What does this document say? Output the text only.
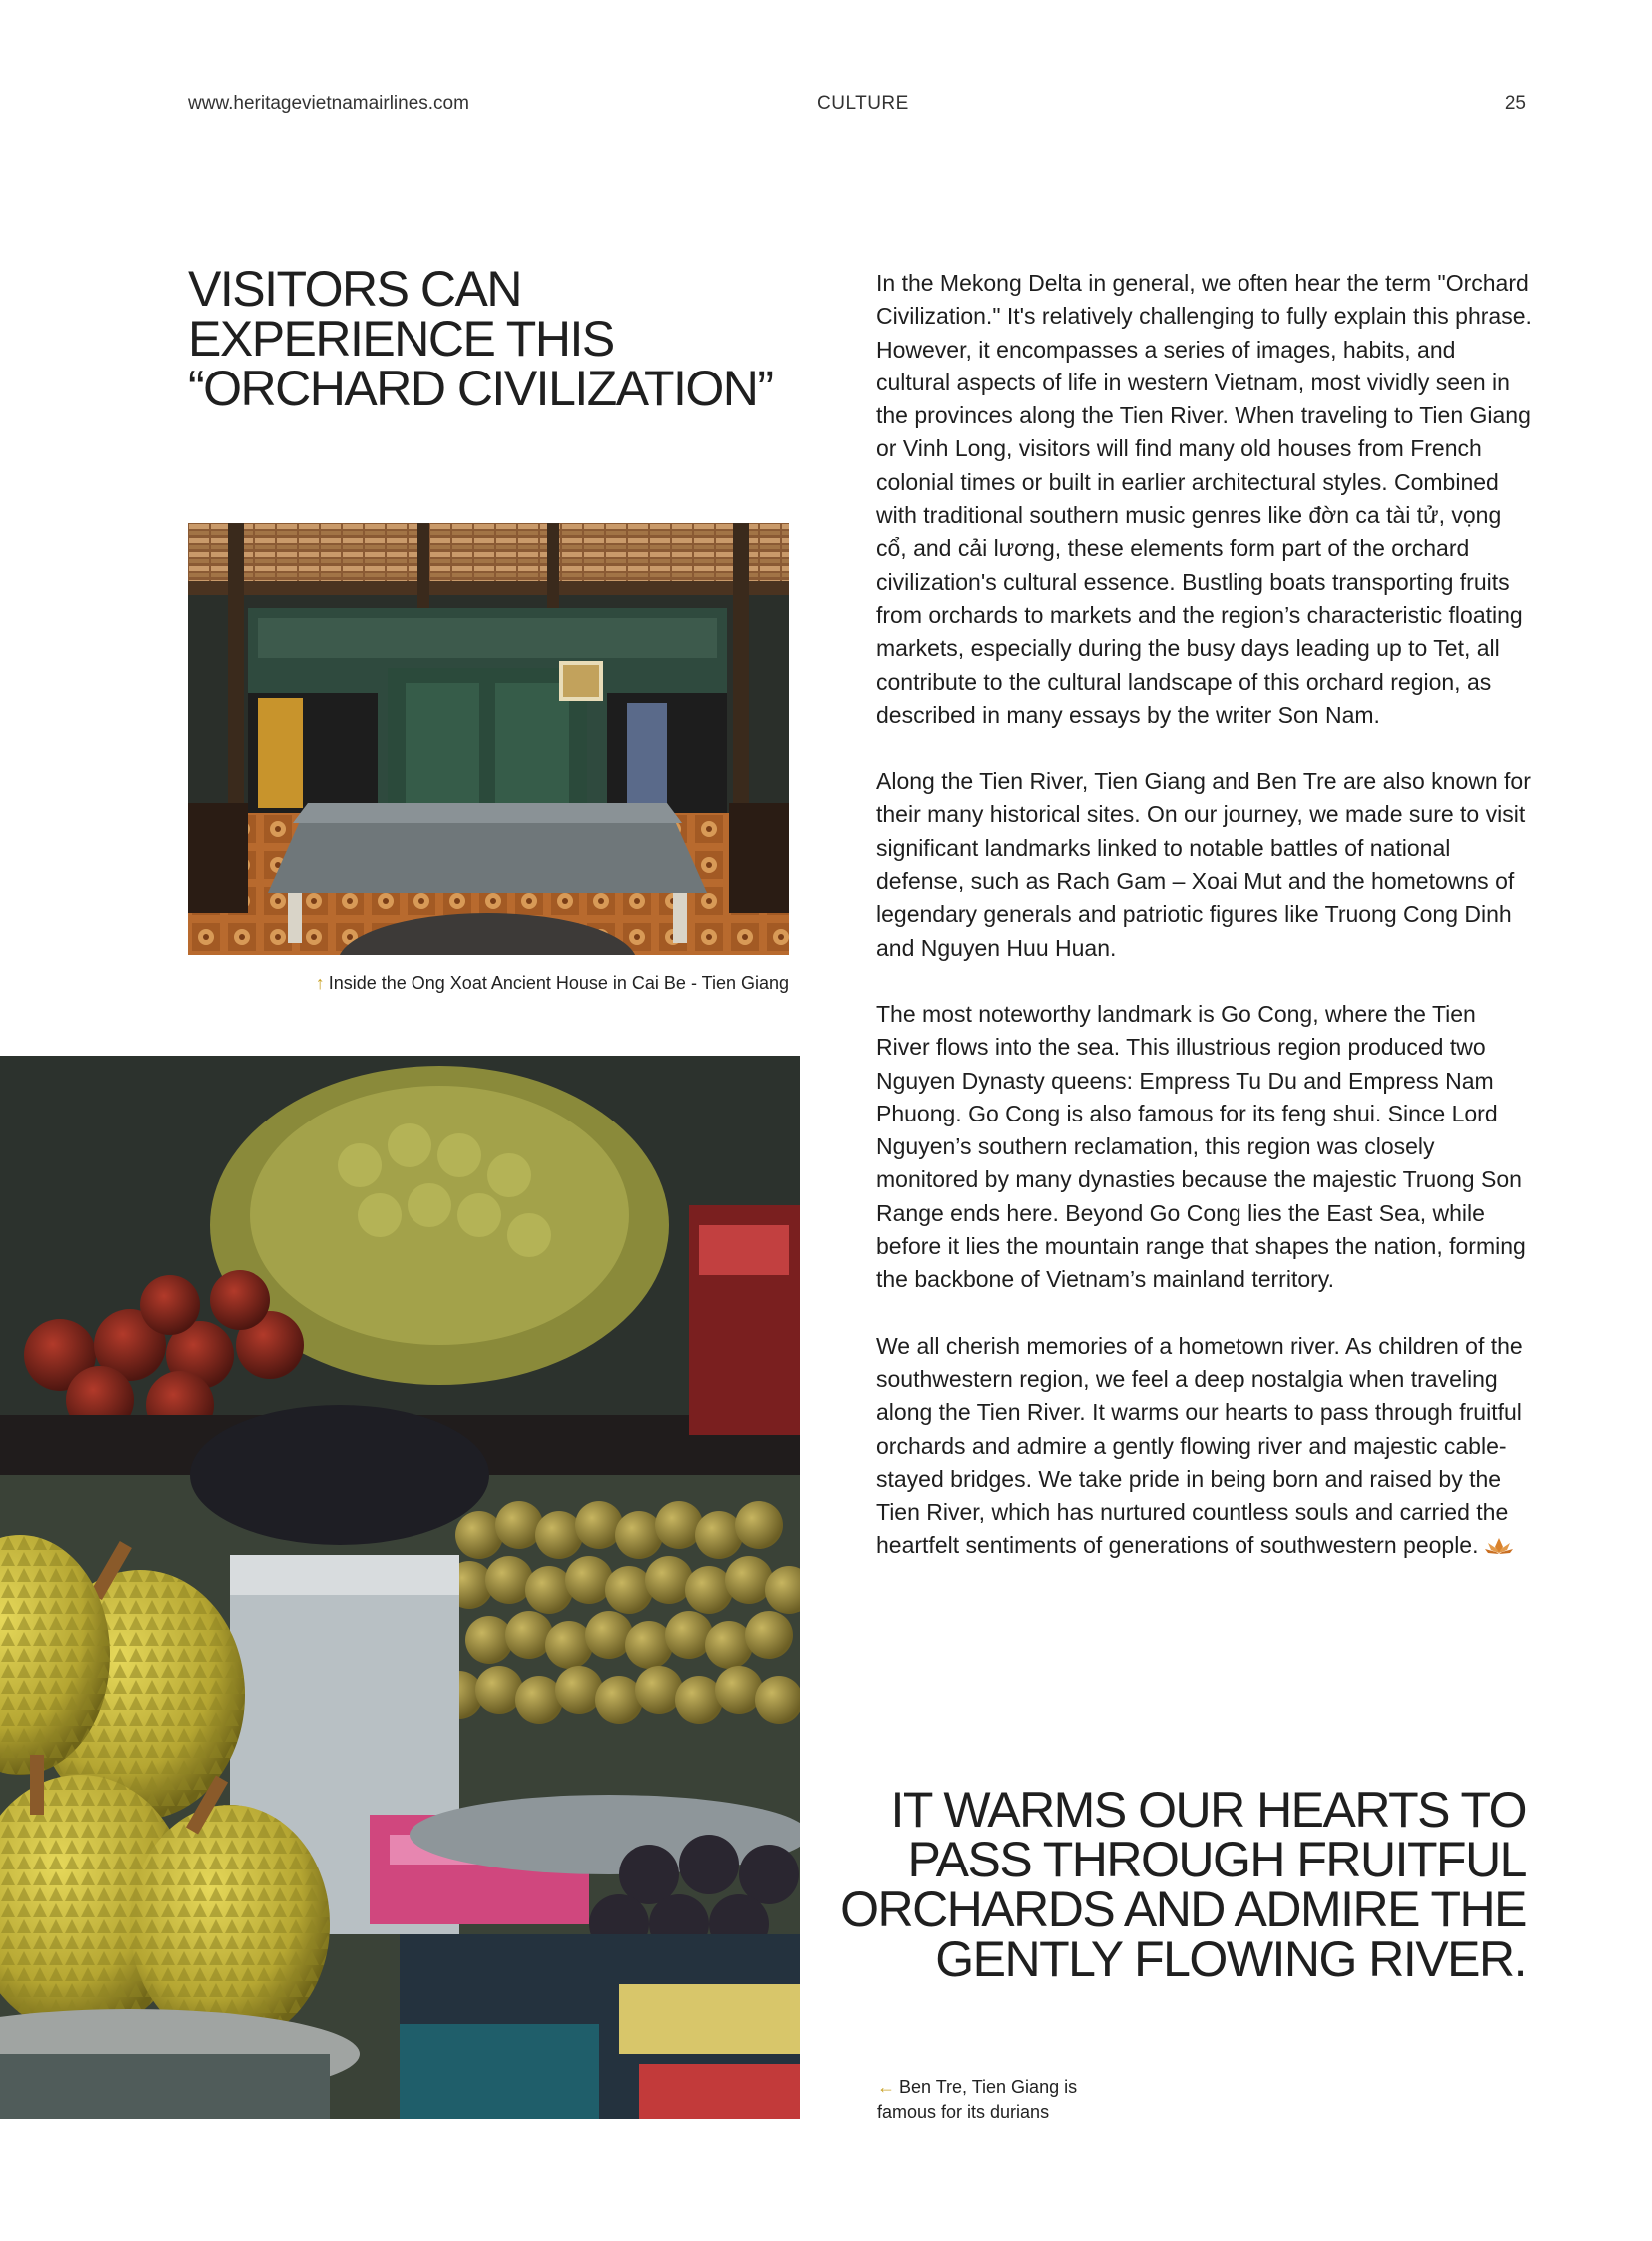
www.heritagevietnamairlines.com	CULTURE	25
VISITORS CAN EXPERIENCE THIS “ORCHARD CIVILIZATION”
↑ Inside the Ong Xoat Ancient House in Cai Be - Tien Giang
← Ben Tre, Tien Giang is famous for its durians

In the Mekong Delta in general, we often hear the term "Orchard Civilization." It's relatively challenging to fully explain this phrase. However, it encompasses a series of images, habits, and cultural aspects of life in western Vietnam, most vividly seen in the provinces along the Tien River. When traveling to Tien Giang or Vinh Long, visitors will find many old houses from French colonial times or built in earlier architectural styles. Combined with traditional southern music genres like đờn ca tài tử, vọng cổ, and cải lương, these elements form part of the orchard civilization's cultural essence. Bustling boats transporting fruits from orchards to markets and the region’s characteristic floating markets, especially during the busy days leading up to Tet, all contribute to the cultural landscape of this orchard region, as described in many essays by the writer Son Nam.

Along the Tien River, Tien Giang and Ben Tre are also known for their many historical sites. On our journey, we made sure to visit significant landmarks linked to notable battles of national defense, such as Rach Gam – Xoai Mut and the hometowns of legendary generals and patriotic figures like Truong Cong Dinh and Nguyen Huu Huan.

The most noteworthy landmark is Go Cong, where the Tien River flows into the sea. This illustrious region produced two Nguyen Dynasty queens: Empress Tu Du and Empress Nam Phuong. Go Cong is also famous for its feng shui. Since Lord Nguyen’s southern reclamation, this region was closely monitored by many dynasties because the majestic Truong Son Range ends here. Beyond Go Cong lies the East Sea, while before it lies the mountain range that shapes the nation, forming the backbone of Vietnam’s mainland territory.

We all cherish memories of a hometown river. As children of the southwestern region, we feel a deep nostalgia when traveling along the Tien River. It warms our hearts to pass through fruitful orchards and admire a gently flowing river and majestic cable-stayed bridges. We take pride in being born and raised by the Tien River, which has nurtured countless souls and carried the heartfelt sentiments of generations of southwestern people.

IT WARMS OUR HEARTS TO PASS THROUGH FRUITFUL ORCHARDS AND ADMIRE THE GENTLY FLOWING RIVER.
